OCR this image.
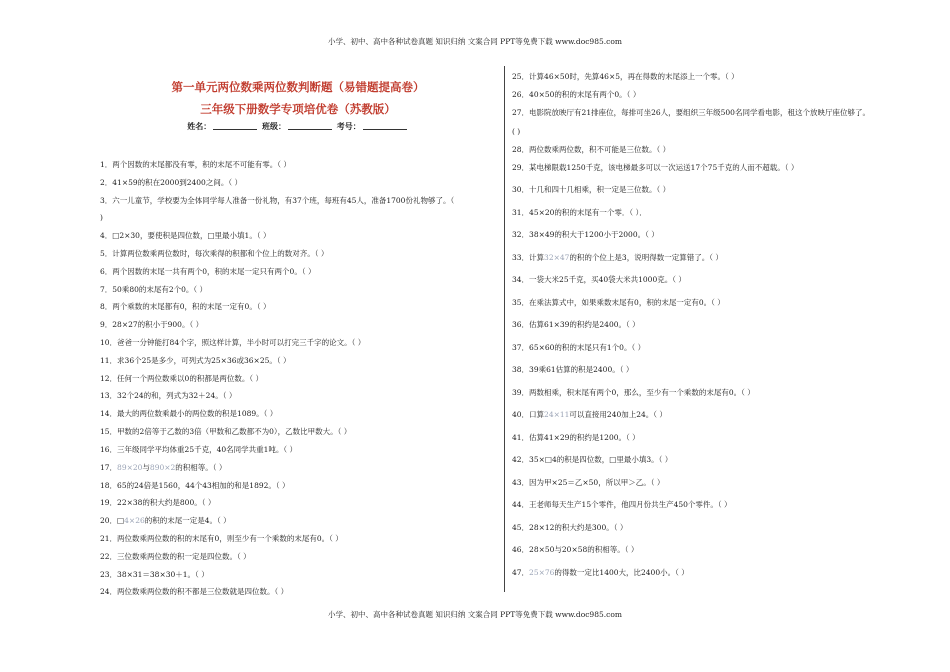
小学、初中、高中各种试卷真题 知识归纳 文案合同 PPT等免费下载 www.doc985.com
第一单元两位数乘两位数判断题（易错题提高卷）
三年级下册数学专项培优卷（苏教版）
姓名：	班级：	考号：
1．两个因数的末尾都没有零，积的末尾不可能有零。（ ）
2．41×59的积在2000到2400之间。（ ）
3．六一儿童节，学校要为全体同学每人准备一份礼物，有37个班，每班有45人，准备1700份礼物够了。（
)
4．□2×30，要使积是四位数，□里最小填1。（ ）
5．计算两位数乘两位数时，每次乘得的积都和个位上的数对齐。（ ）
6．两个因数的末尾一共有两个0，积的末尾一定只有两个0。（ ）
7．50乘80的末尾有2个0。（ ）
8．两个乘数的末尾都有0，积的末尾一定有0。（ ）
9．28×27的积小于900。（ ）
10．爸爸一分钟能打84个字，照这样计算，半小时可以打完三千字的论文。（ ）
11．求36个25是多少，可列式为25×36或36×25。（ ）
12．任何一个两位数乘以0的积都是两位数。（ ）
13．32个24的和，列式为32＋24。（ ）
14．最大的两位数乘最小的两位数的积是1089。（ ）
15．甲数的2倍等于乙数的3倍（甲数和乙数都不为0），乙数比甲数大。（ ）
16．三年级同学平均体重25千克，40名同学共重1吨。（ ）
17．89×20与890×2的积相等。（ ）
18．65的24倍是1560，44个43相加的和是1892。（ ）
19．22×38的积大约是800。（ ）
20．□4×26的积的末尾一定是4。（ ）
21．两位数乘两位数的积的末尾有0，则至少有一个乘数的末尾有0。（ ）
22．三位数乘两位数的积一定是四位数。（ ）
23．38×31＝38×30＋1。（ ）
24．两位数乘两位数的积不都是三位数就是四位数。（ ）
25．计算46×50时，先算46×5，再在得数的末尾添上一个零。（ ）
26．40×50的积的末尾有两个0。（ ）
27．电影院放映厅有21排座位，每排可坐26人，要组织三年级500名同学看电影，租这个放映厅座位够了。
( )
28．两位数乘两位数，积不可能是三位数。（ ）
29．某电梯限载1250千克，该电梯最多可以一次运送17个75千克的人而不超载。（ ）
30．十几和四十几相乘，积一定是三位数。（ ）
31．45×20的积的末尾有一个零．（ ）．
32．38×49的积大于1200小于2000。（ ）
33．计算32×47的积的个位上是3，说明得数一定算错了。（ ）
34．一袋大米25千克，买40袋大米共1000克。（ ）
35．在乘法算式中，如果乘数末尾有0，积的末尾一定有0。（ ）
36．估算61×39的积约是2400。（ ）
37．65×60的积的末尾只有1个0。（ ）
38．39乘61估算的积是2400。（ ）
39．两数相乘，积末尾有两个0，那么，至少有一个乘数的末尾有0。（ ）
40．口算24×11可以直接用240加上24。（ ）
41．估算41×29的积约是1200。（ ）
42．35×□4的积是四位数，□里最小填3。（ ）
43．因为甲×25＝乙×50，所以甲＞乙。（ ）
44．王老师每天生产15个零件，他四月份共生产450个零件。（ ）
45．28×12的积大约是300。（ ）
46．28×50与20×58的积相等。（ ）
47．25×76的得数一定比1400大，比2400小。（ ）
小学、初中、高中各种试卷真题 知识归纳 文案合同 PPT等免费下载 www.doc985.com
